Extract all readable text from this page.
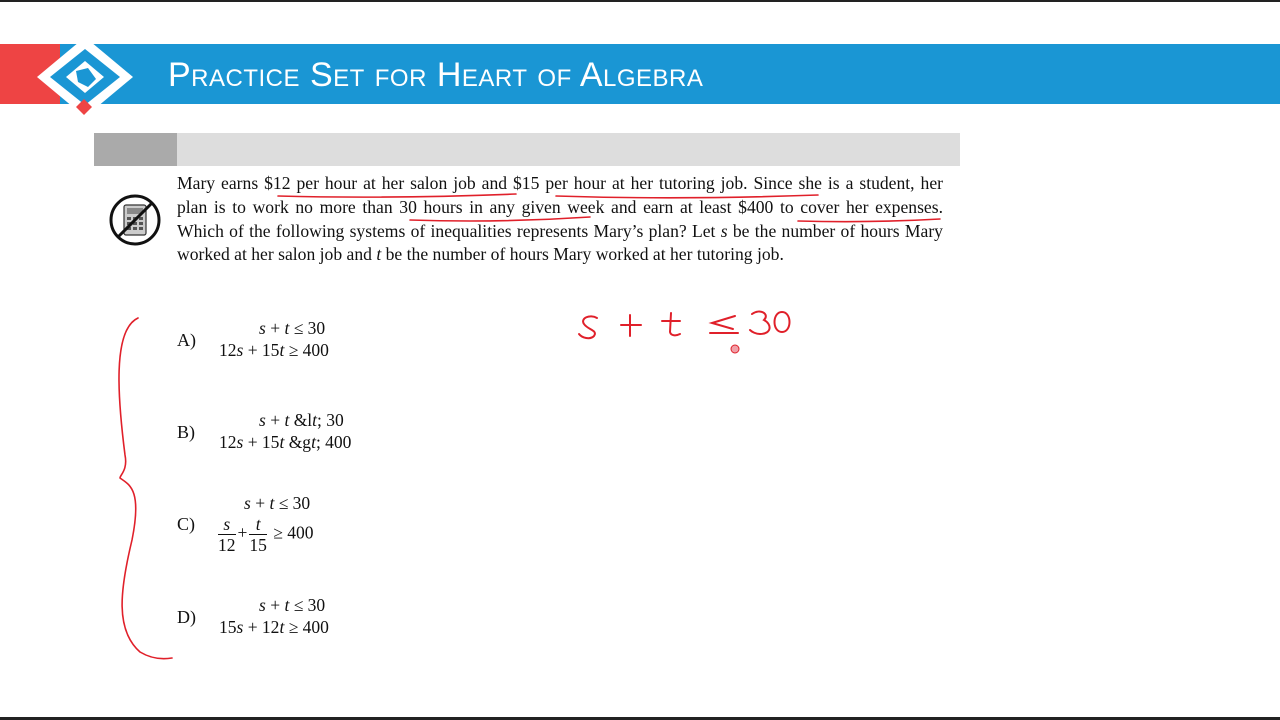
Practice Set for Heart of Algebra
Mary earns $12 per hour at her salon job and $15 per hour at her tutoring job. Since she is a student, her plan is to work no more than 30 hours in any given week and earn at least $400 to cover her expenses. Which of the following systems of inequalities represents Mary’s plan? Let s be the number of hours Mary worked at her salon job and t be the number of hours Mary worked at her tutoring job.
A)
s + t ≤ 30
12s + 15t ≥ 400
B)
s + t &lt; 30
12s + 15t &gt; 400
C)
s + t ≤ 30
$\frac{s}{12} + \frac{t}{15} \ge 400$
D)
s + t ≤ 30
15s + 12t ≥ 400
